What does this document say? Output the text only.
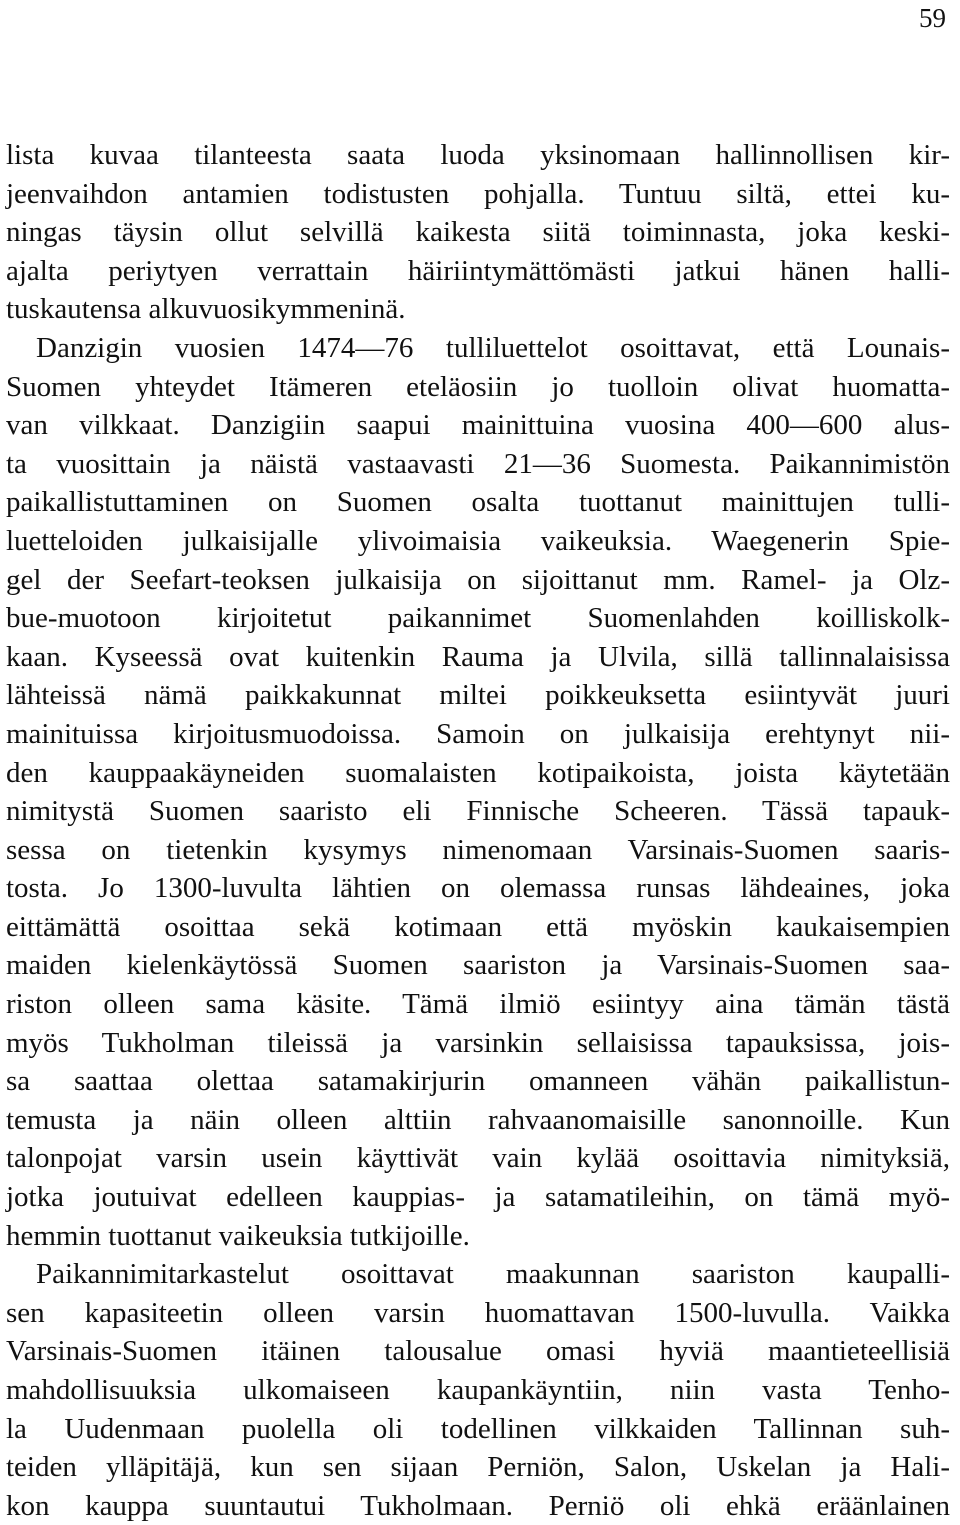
59
lista kuvaa tilanteesta saata luoda yksinomaan hallinnollisen kir-
jeenvaihdon antamien todistusten pohjalla. Tuntuu siltä, ettei ku-
ningas täysin ollut selvillä kaikesta siitä toiminnasta, joka keski-
ajalta periytyen verrattain häiriintymättömästi jatkui hänen halli-
tuskautensa alkuvuosikymmeninä.
Danzigin vuosien 1474—76 tulliluettelot osoittavat, että Lounais-
Suomen yhteydet Itämeren eteläosiin jo tuolloin olivat huomatta-
van vilkkaat. Danzigiin saapui mainittuina vuosina 400—600 alus-
ta vuosittain ja näistä vastaavasti 21—36 Suomesta. Paikannimistön
paikallistuttaminen on Suomen osalta tuottanut mainittujen tulli-
luetteloiden julkaisijalle ylivoimaisia vaikeuksia. Waegenerin Spie-
gel der Seefart-teoksen julkaisija on sijoittanut mm. Ramel- ja Olz-
bue-muotoon kirjoitetut paikannimet Suomenlahden koilliskolk-
kaan. Kyseessä ovat kuitenkin Rauma ja Ulvila, sillä tallinnalaisissa
lähteissä nämä paikkakunnat miltei poikkeuksetta esiintyvät juuri
mainituissa kirjoitusmuodoissa. Samoin on julkaisija erehtynyt nii-
den kauppaakäyneiden suomalaisten kotipaikoista, joista käytetään
nimitystä Suomen saaristo eli Finnische Scheeren. Tässä tapauk-
sessa on tietenkin kysymys nimenomaan Varsinais-Suomen saaris-
tosta. Jo 1300-luvulta lähtien on olemassa runsas lähdeaines, joka
eittämättä osoittaa sekä kotimaan että myöskin kaukaisempien
maiden kielenkäytössä Suomen saariston ja Varsinais-Suomen saa-
riston olleen sama käsite. Tämä ilmiö esiintyy aina tämän tästä
myös Tukholman tileissä ja varsinkin sellaisissa tapauksissa, jois-
sa saattaa olettaa satamakirjurin omanneen vähän paikallistun-
temusta ja näin olleen alttiin rahvaanomaisille sanonnoille. Kun
talonpojat varsin usein käyttivät vain kylää osoittavia nimityksiä,
jotka joutuivat edelleen kauppias- ja satamatileihin, on tämä myö-
hemmin tuottanut vaikeuksia tutkijoille.
Paikannimitarkastelut osoittavat maakunnan saariston kaupalli-
sen kapasiteetin olleen varsin huomattavan 1500-luvulla. Vaikka
Varsinais-Suomen itäinen talousalue omasi hyviä maantieteellisiä
mahdollisuuksia ulkomaiseen kaupankäyntiin, niin vasta Tenho-
la Uudenmaan puolella oli todellinen vilkkaiden Tallinnan suh-
teiden ylläpitäjä, kun sen sijaan Perniön, Salon, Uskelan ja Hali-
kon kauppa suuntautui Tukholmaan. Perniö oli ehkä eräänlainen
